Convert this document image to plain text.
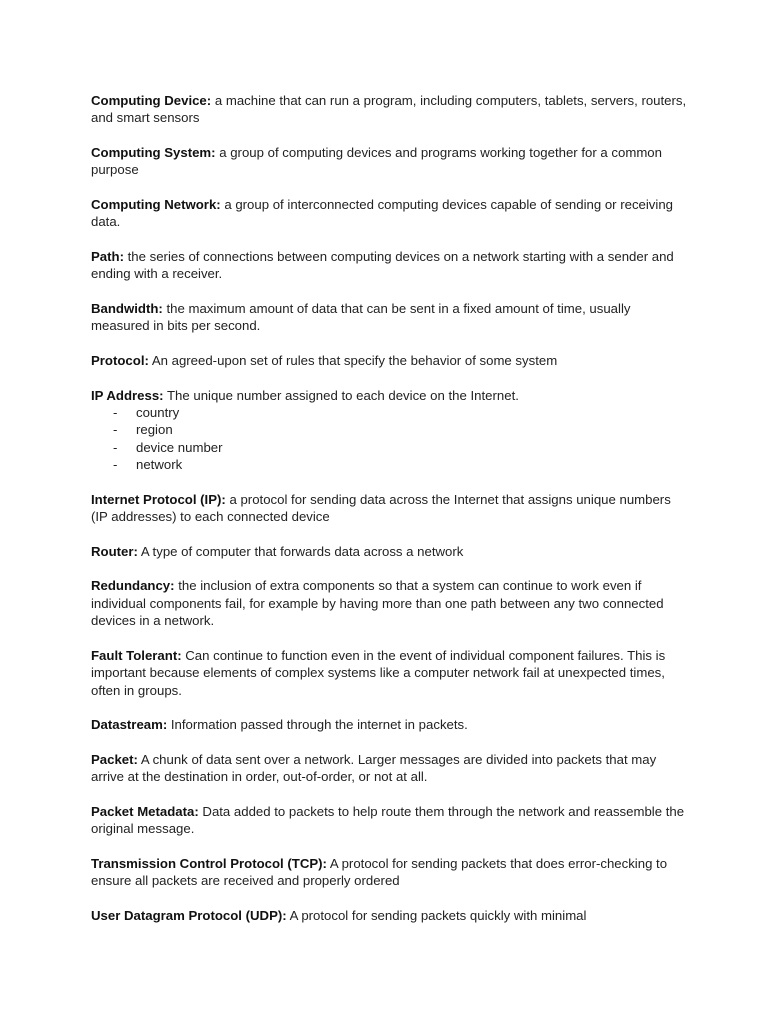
Computing Device: a machine that can run a program, including computers, tablets, servers, routers, and smart sensors

Computing System: a group of computing devices and programs working together for a common purpose

Computing Network: a group of interconnected computing devices capable of sending or receiving data.

Path: the series of connections between computing devices on a network starting with a sender and ending with a receiver.

Bandwidth: the maximum amount of data that can be sent in a fixed amount of time, usually measured in bits per second.

Protocol: An agreed-upon set of rules that specify the behavior of some system

IP Address: The unique number assigned to each device on the Internet.
- country
- region
- device number
- network

Internet Protocol (IP): a protocol for sending data across the Internet that assigns unique numbers (IP addresses) to each connected device

Router: A type of computer that forwards data across a network

Redundancy: the inclusion of extra components so that a system can continue to work even if individual components fail, for example by having more than one path between any two connected devices in a network.

Fault Tolerant: Can continue to function even in the event of individual component failures. This is important because elements of complex systems like a computer network fail at unexpected times, often in groups.

Datastream: Information passed through the internet in packets.

Packet: A chunk of data sent over a network. Larger messages are divided into packets that may arrive at the destination in order, out-of-order, or not at all.

Packet Metadata: Data added to packets to help route them through the network and reassemble the original message.

Transmission Control Protocol (TCP): A protocol for sending packets that does error-checking to ensure all packets are received and properly ordered

User Datagram Protocol (UDP): A protocol for sending packets quickly with minimal
